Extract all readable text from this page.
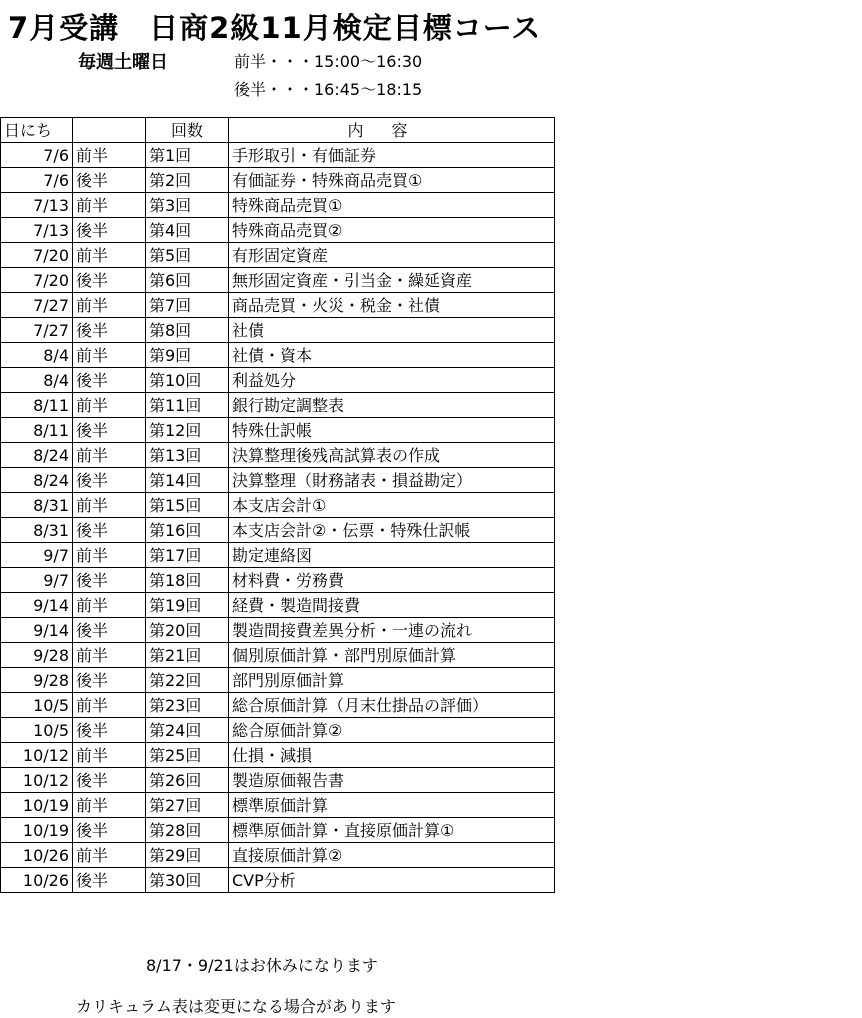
7月受講　日商2級11月検定目標コース
毎週土曜日	前半・・・15:00〜16:30
後半・・・16:45〜18:15
日にち		回数	内容
7/6	前半	第1回	手形取引・有価証券
7/6	後半	第2回	有価証券・特殊商品売買①
7/13	前半	第3回	特殊商品売買①
7/13	後半	第4回	特殊商品売買②
7/20	前半	第5回	有形固定資産
7/20	後半	第6回	無形固定資産・引当金・繰延資産
7/27	前半	第7回	商品売買・火災・税金・社債
7/27	後半	第8回	社債
8/4	前半	第9回	社債・資本
8/4	後半	第10回	利益処分
8/11	前半	第11回	銀行勘定調整表
8/11	後半	第12回	特殊仕訳帳
8/24	前半	第13回	決算整理後残高試算表の作成
8/24	後半	第14回	決算整理（財務諸表・損益勘定）
8/31	前半	第15回	本支店会計①
8/31	後半	第16回	本支店会計②・伝票・特殊仕訳帳
9/7	前半	第17回	勘定連絡図
9/7	後半	第18回	材料費・労務費
9/14	前半	第19回	経費・製造間接費
9/14	後半	第20回	製造間接費差異分析・一連の流れ
9/28	前半	第21回	個別原価計算・部門別原価計算
9/28	後半	第22回	部門別原価計算
10/5	前半	第23回	総合原価計算（月末仕掛品の評価）
10/5	後半	第24回	総合原価計算②
10/12	前半	第25回	仕損・減損
10/12	後半	第26回	製造原価報告書
10/19	前半	第27回	標準原価計算
10/19	後半	第28回	標準原価計算・直接原価計算①
10/26	前半	第29回	直接原価計算②
10/26	後半	第30回	CVP分析
8/17・9/21はお休みになります
カリキュラム表は変更になる場合があります
